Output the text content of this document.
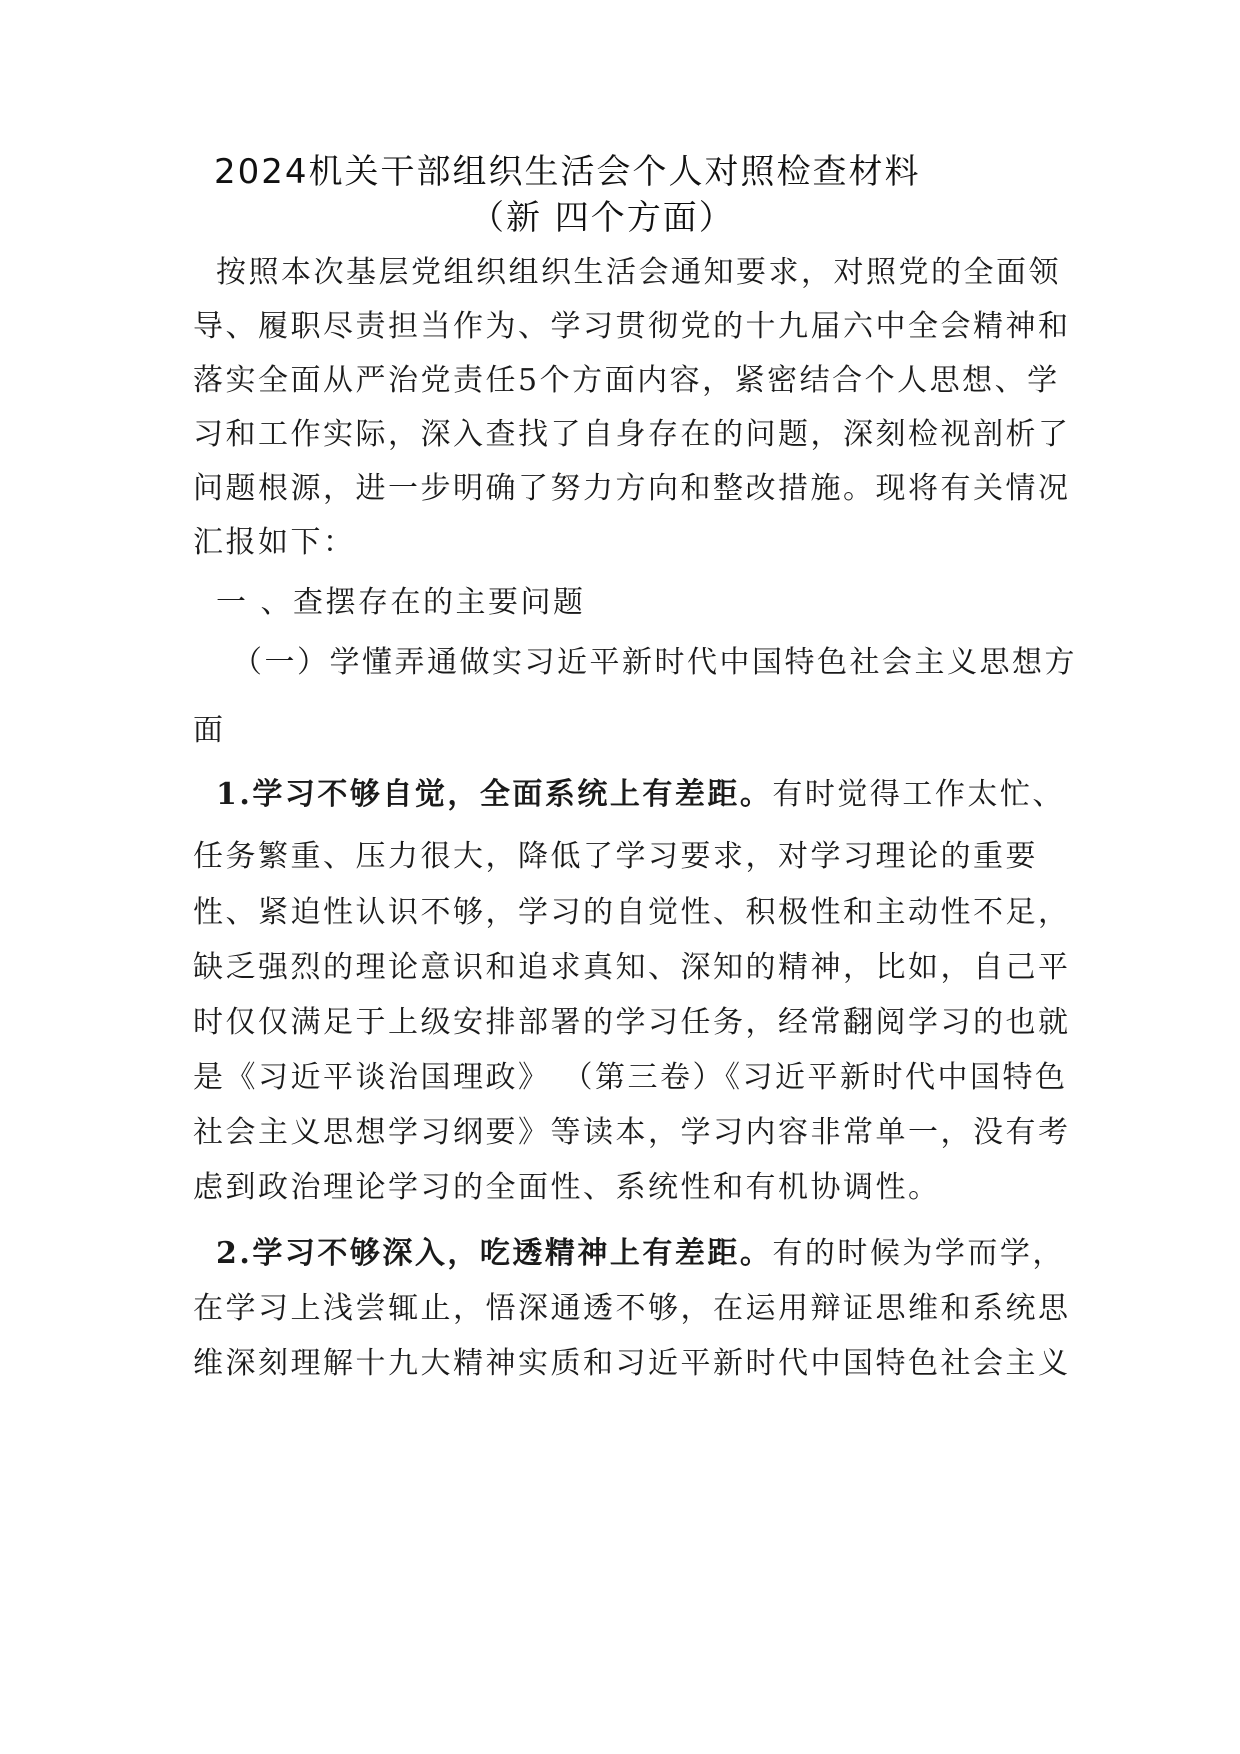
2024机关干部组织生活会个人对照检查材料
（新 四个方面）
按照本次基层党组织组织生活会通知要求，对照党的全面领
导、履职尽责担当作为、学习贯彻党的十九届六中全会精神和
落实全面从严治党责任5个方面内容，紧密结合个人思想、学
习和工作实际，深入查找了自身存在的问题，深刻检视剖析了
问题根源，进一步明确了努力方向和整改措施。现将有关情况
汇报如下：
一 、查摆存在的主要问题
（一）学懂弄通做实习近平新时代中国特色社会主义思想方
面
1.学习不够自觉，全面系统上有差距。有时觉得工作太忙、
任务繁重、压力很大，降低了学习要求，对学习理论的重要
性、紧迫性认识不够，学习的自觉性、积极性和主动性不足，
缺乏强烈的理论意识和追求真知、深知的精神，比如，自己平
时仅仅满足于上级安排部署的学习任务，经常翻阅学习的也就
是《习近平谈治国理政》 （第三卷）《习近平新时代中国特色
社会主义思想学习纲要》等读本，学习内容非常单一，没有考
虑到政治理论学习的全面性、系统性和有机协调性。
2.学习不够深入，吃透精神上有差距。有的时候为学而学，
在学习上浅尝辄止，悟深通透不够，在运用辩证思维和系统思
维深刻理解十九大精神实质和习近平新时代中国特色社会主义
